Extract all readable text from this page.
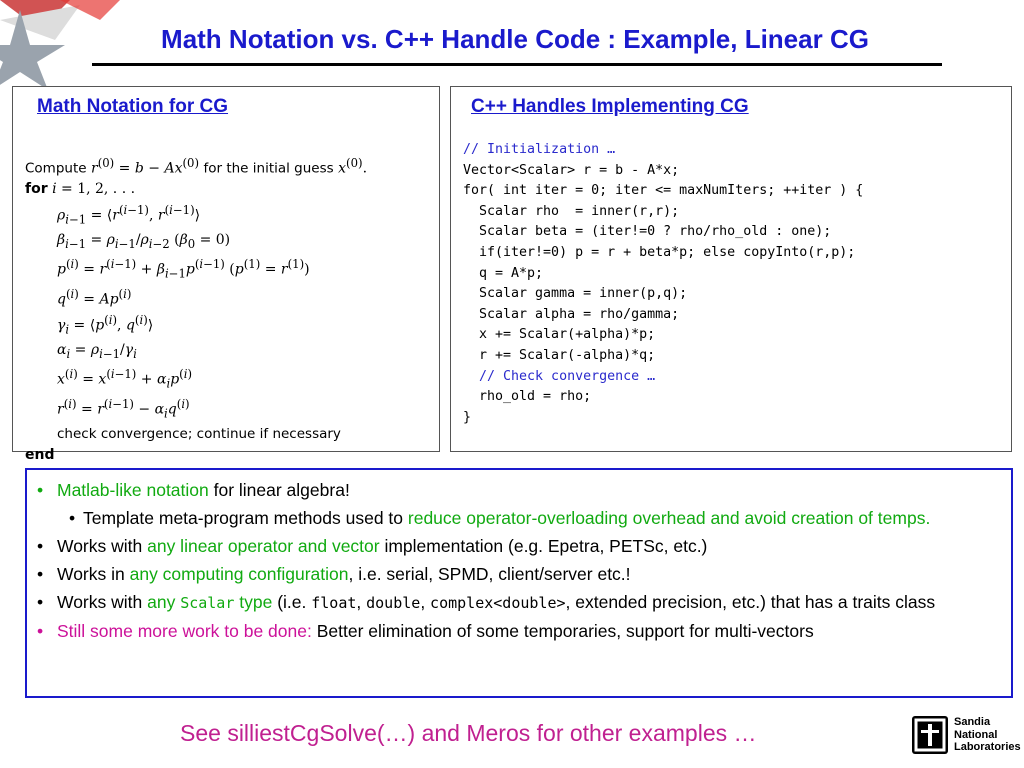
Math Notation vs. C++ Handle Code : Example, Linear CG
Math Notation for CG
Compute $r^{(0)} = b - Ax^{(0)}$ for the initial guess $x^{(0)}$.
for i = 1, 2, . . .
$\rho_{i-1}$ = $⟨r^{(i-1)}$, $r^{(i-1)}⟩$
$\beta_{i-1} = \rho_{i-1}/\rho_{i-2}$ $(\beta_0 = 0)$
$p^{(i)} = r^{(i-1)} + \beta_{i-1}p^{(i-1)}$ $(p^{(1)} = r^{(1)})$
$q^{(i)} = Ap^{(i)}$
$\gamma_i$ = $⟨p^{(i)}$, $q^{(i)}⟩$
$\alpha_i = \rho_{i-1}/\gamma_i$
$x^{(i)} = x^{(i-1)} + \alpha_ip^{(i)}$
$r^{(i)} = r^{(i-1)} - \alpha_iq^{(i)}$
check convergence; continue if necessary
end
C++ Handles Implementing CG
// Initialization …
Vector<Scalar> r = b - A*x;
for( int iter = 0; iter <= maxNumIters; ++iter ) {
Scalar rho  = inner(r,r);
Scalar beta = (iter!=0 ? rho/rho_old : one);
if(iter!=0) p = r + beta*p; else copyInto(r,p);
q = A*p;
Scalar gamma = inner(p,q);
Scalar alpha = rho/gamma;
x += Scalar(+alpha)*p;
r += Scalar(-alpha)*q;
// Check convergence …
rho_old = rho;
}
• Matlab-like notation for linear algebra!
• Template meta-program methods used to reduce operator-overloading overhead and avoid creation of temps.
• Works with any linear operator and vector implementation (e.g. Epetra, PETSc, etc.)
• Works in any computing configuration, i.e. serial, SPMD, client/server etc.!
• Works with any Scalar type (i.e. float, double, complex<double>, extended precision, etc.) that has a traits class
• Still some more work to be done: Better elimination of some temporaries, support for multi-vectors
See silliestCgSolve(…) and Meros for other examples …	Sandia
National
Laboratories
